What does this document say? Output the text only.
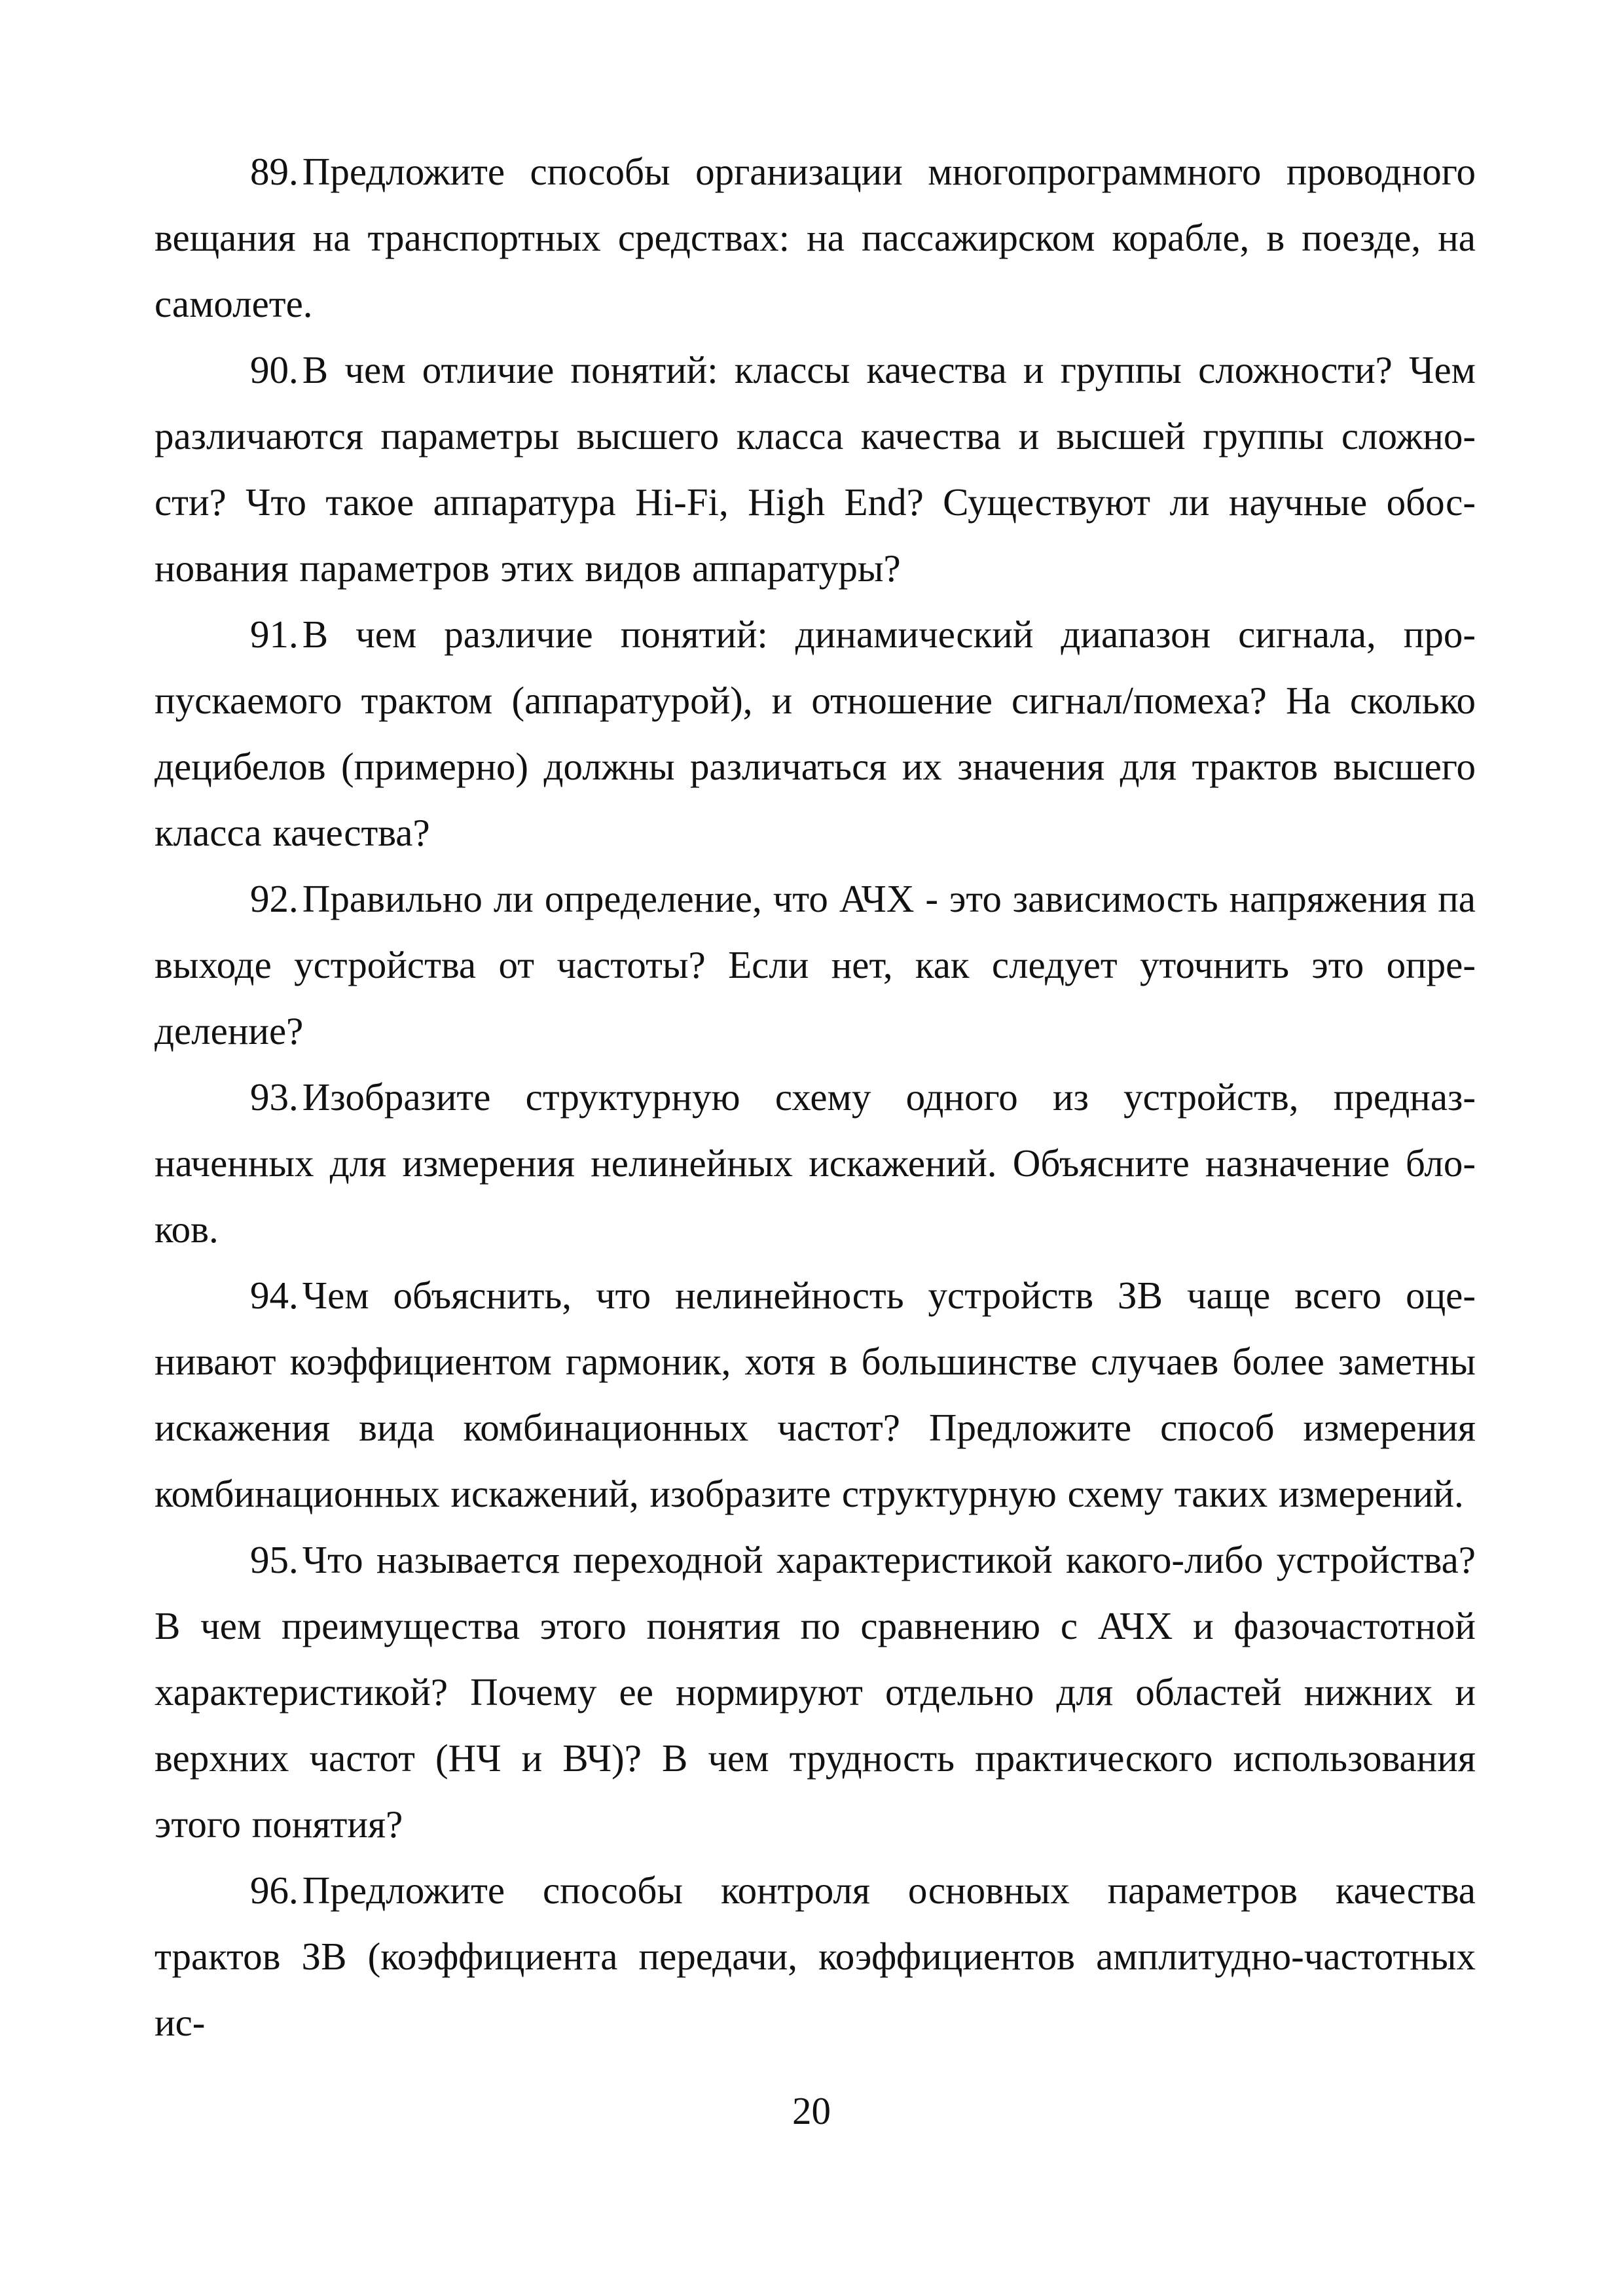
89. Предложите способы организации многопрограммного проводного вещания на транспортных средствах: на пассажирском корабле, в поезде, на самолете.

90. В чем отличие понятий: классы качества и группы сложности? Чем различаются параметры высшего класса качества и высшей группы сложности? Что такое аппаратура Hi-Fi, High End? Существуют ли научные обоснования параметров этих видов аппаратуры?

91. В чем различие понятий: динамический диапазон сигнала, пропускаемого трактом (аппаратурой), и отношение сигнал/помеха? На сколько децибелов (примерно) должны различаться их значения для трактов высшего класса качества?

92. Правильно ли определение, что АЧХ - это зависимость напряжения па выходе устройства от частоты? Если нет, как следует уточнить это определение?

93. Изобразите структурную схему одного из устройств, предназначенных для измерения нелинейных искажений. Объясните назначение блоков.

94. Чем объяснить, что нелинейность устройств ЗВ чаще всего оценивают коэффициентом гармоник, хотя в большинстве случаев более заметны искажения вида комбинационных частот? Предложите способ измерения комбинационных искажений, изобразите структурную схему таких измерений.

95. Что называется переходной характеристикой какого-либо устройства? В чем преимущества этого понятия по сравнению с АЧХ и фазочастотной характеристикой? Почему ее нормируют отдельно для областей нижних и верхних частот (НЧ и ВЧ)? В чем трудность практического использования этого понятия?

96. Предложите способы контроля основных параметров качества трактов ЗВ (коэффициента передачи, коэффициентов амплитудно-частотных ис-

20
